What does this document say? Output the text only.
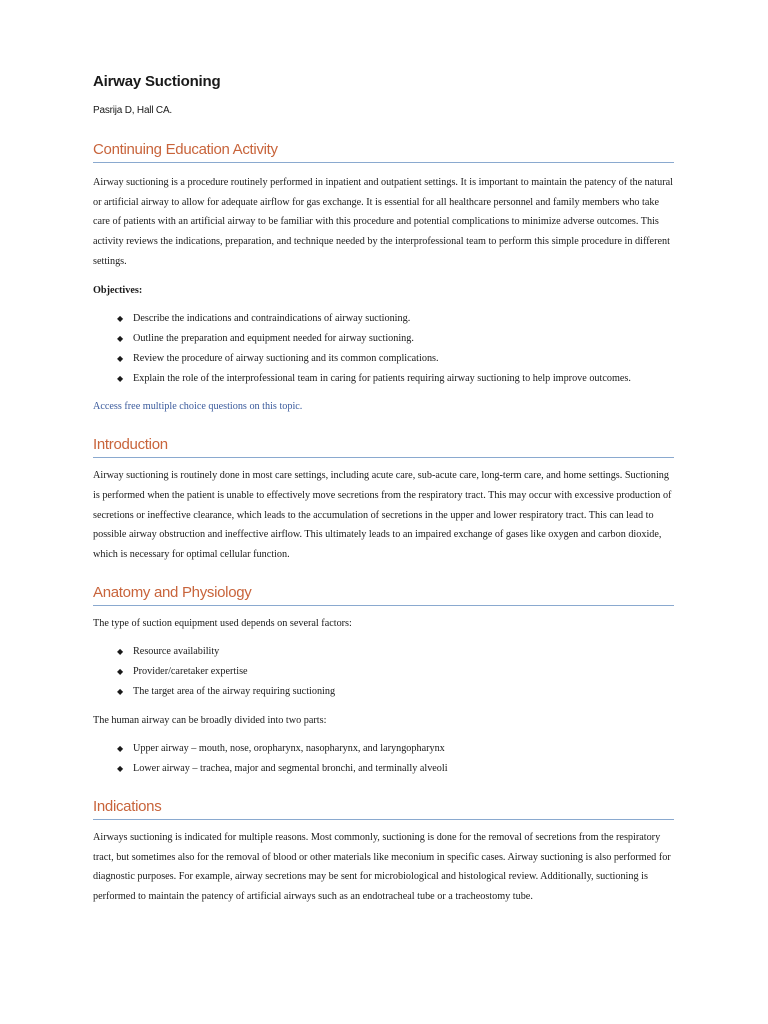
Airway Suctioning
Pasrija D, Hall CA.
Continuing Education Activity

Airway suctioning is a procedure routinely performed in inpatient and outpatient settings. It is important to maintain the patency of the natural or artificial airway to allow for adequate airflow for gas exchange. It is essential for all healthcare personnel and family members who take care of patients with an artificial airway to be familiar with this procedure and potential complications to minimize adverse outcomes. This activity reviews the indications, preparation, and technique needed by the interprofessional team to perform this simple procedure in different settings.

Objectives:
◆ Describe the indications and contraindications of airway suctioning.
◆ Outline the preparation and equipment needed for airway suctioning.
◆ Review the procedure of airway suctioning and its common complications.
◆ Explain the role of the interprofessional team in caring for patients requiring airway suctioning to help improve outcomes.
Access free multiple choice questions on this topic.
Introduction

Airway suctioning is routinely done in most care settings, including acute care, sub-acute care, long-term care, and home settings. Suctioning is performed when the patient is unable to effectively move secretions from the respiratory tract. This may occur with excessive production of secretions or ineffective clearance, which leads to the accumulation of secretions in the upper and lower respiratory tract. This can lead to possible airway obstruction and ineffective airflow. This ultimately leads to an impaired exchange of gases like oxygen and carbon dioxide, which is necessary for optimal cellular function.

Anatomy and Physiology

The type of suction equipment used depends on several factors:

◆ Resource availability
◆ Provider/caretaker expertise
◆ The target area of the airway requiring suctioning

The human airway can be broadly divided into two parts:

◆ Upper airway – mouth, nose, oropharynx, nasopharynx, and laryngopharynx
◆ Lower airway – trachea, major and segmental bronchi, and terminally alveoli
Indications

Airways suctioning is indicated for multiple reasons. Most commonly, suctioning is done for the removal of secretions from the respiratory tract, but sometimes also for the removal of blood or other materials like meconium in specific cases. Airway suctioning is also performed for diagnostic purposes. For example, airway secretions may be sent for microbiological and histological review. Additionally, suctioning is performed to maintain the patency of artificial airways such as an endotracheal tube or a tracheostomy tube.
